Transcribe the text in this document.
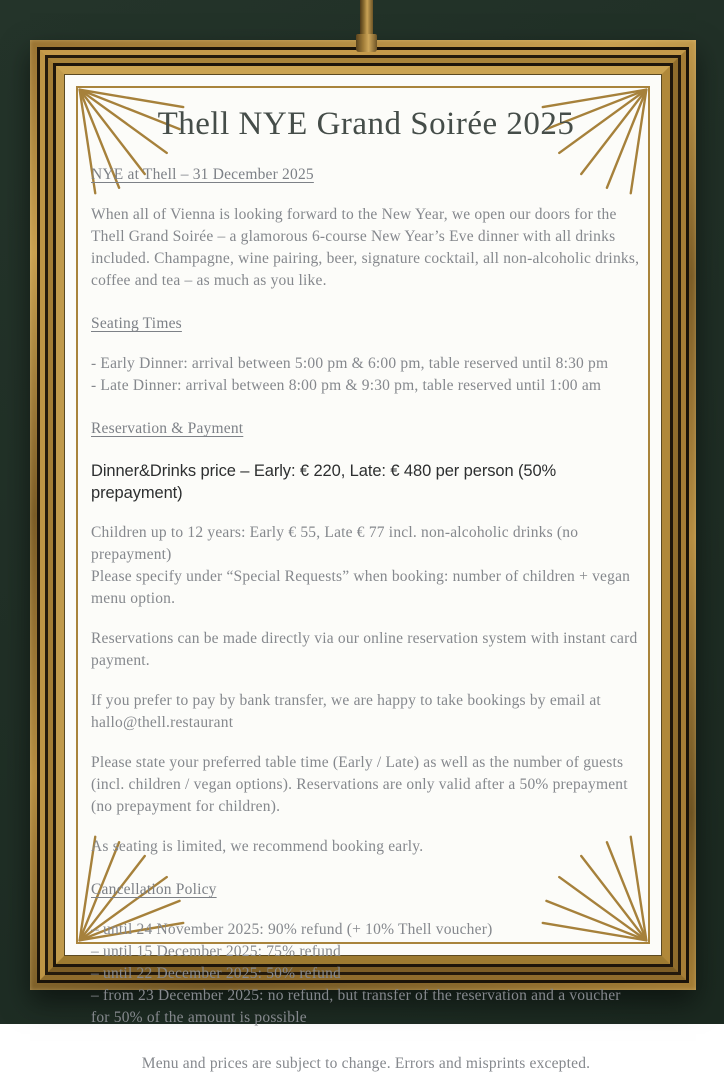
Thell NYE Grand Soirée 2025
NYE at Thell – 31 December 2025
When all of Vienna is looking forward to the New Year, we open our doors for the Thell Grand Soirée – a glamorous 6-course New Year’s Eve dinner with all drinks included. Champagne, wine pairing, beer, signature cocktail, all non-alcoholic drinks, coffee and tea – as much as you like.
Seating Times
- Early Dinner: arrival between 5:00 pm & 6:00 pm, table reserved until 8:30 pm
- Late Dinner: arrival between 8:00 pm & 9:30 pm, table reserved until 1:00 am
Reservation & Payment
Dinner&Drinks price – Early: € 220, Late: € 480 per person (50% prepayment)
Children up to 12 years: Early € 55, Late € 77 incl. non-alcoholic drinks (no prepayment)
Please specify under “Special Requests” when booking: number of children + vegan menu option.
Reservations can be made directly via our online reservation system with instant card payment.
If you prefer to pay by bank transfer, we are happy to take bookings by email at hallo@thell.restaurant
Please state your preferred table time (Early / Late) as well as the number of guests (incl. children / vegan options). Reservations are only valid after a 50% prepayment (no prepayment for children).
As seating is limited, we recommend booking early.
Cancellation Policy
– until 24 November 2025: 90% refund (+ 10% Thell voucher)
– until 15 December 2025: 75% refund
– until 22 December 2025: 50% refund
– from 23 December 2025: no refund, but transfer of the reservation and a voucher for 50% of the amount is possible
Menu and prices are subject to change. Errors and misprints excepted.
